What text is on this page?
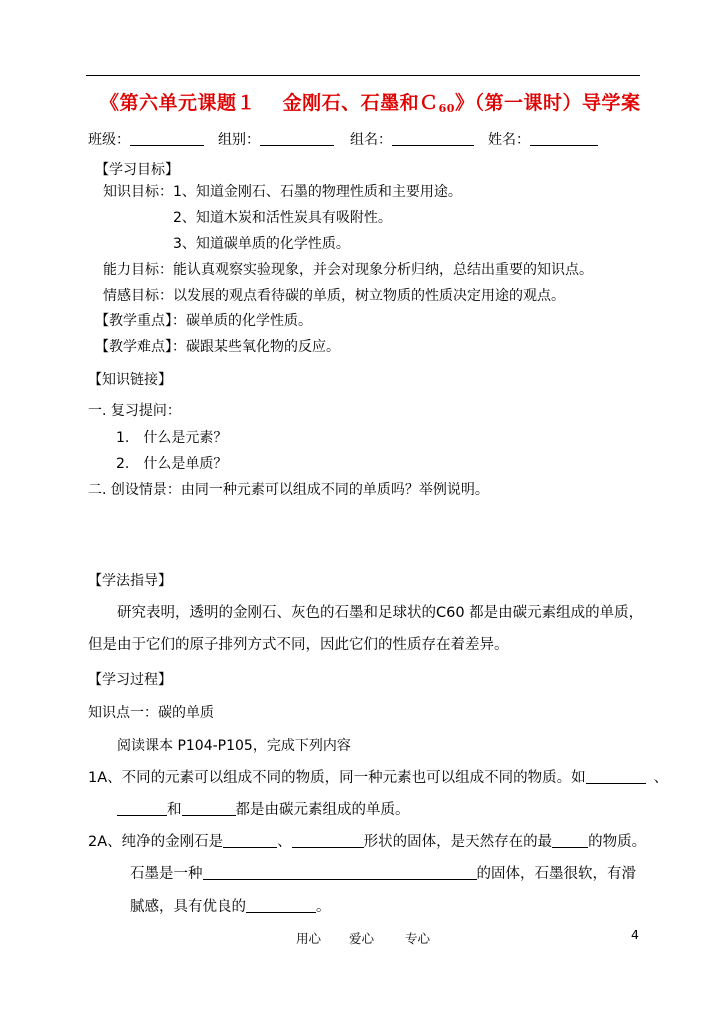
《第六单元课题１　 金刚石、石墨和Ｃ$_{60}$》（第一课时）导学案
班级：	组别：	组名：	姓名：
【学习目标】
知识目标：1、知道金刚石、石墨的物理性质和主要用途。
2、知道木炭和活性炭具有吸附性。
3、知道碳单质的化学性质。
能力目标：能认真观察实验现象，并会对现象分析归纳，总结出重要的知识点。
情感目标：以发展的观点看待碳的单质，树立物质的性质决定用途的观点。
【教学重点】：碳单质的化学性质。
【教学难点】：碳跟某些氧化物的反应。
【知识链接】
一. 复习提问：
1.　什么是元素？
2.　什么是单质？
二. 创设情景：由同一种元素可以组成不同的单质吗？举例说明。
【学法指导】
研究表明，透明的金刚石、灰色的石墨和足球状的C60 都是由碳元素组成的单质，
但是由于它们的原子排列方式不同，因此它们的性质存在着差异。
【学习过程】
知识点一：碳的单质
阅读课本 P104-P105，完成下列内容
1A、不同的元素可以组成不同的物质，同一种元素也可以组成不同的物质。如	、
和	都是由碳元素组成的单质。
2A、纯净的金刚石是	、	形状的固体，是天然存在的最 的物质。
石墨是一种	的固体，石墨很软，有滑
腻感，具有优良的	。
用心 爱心 专心	4
